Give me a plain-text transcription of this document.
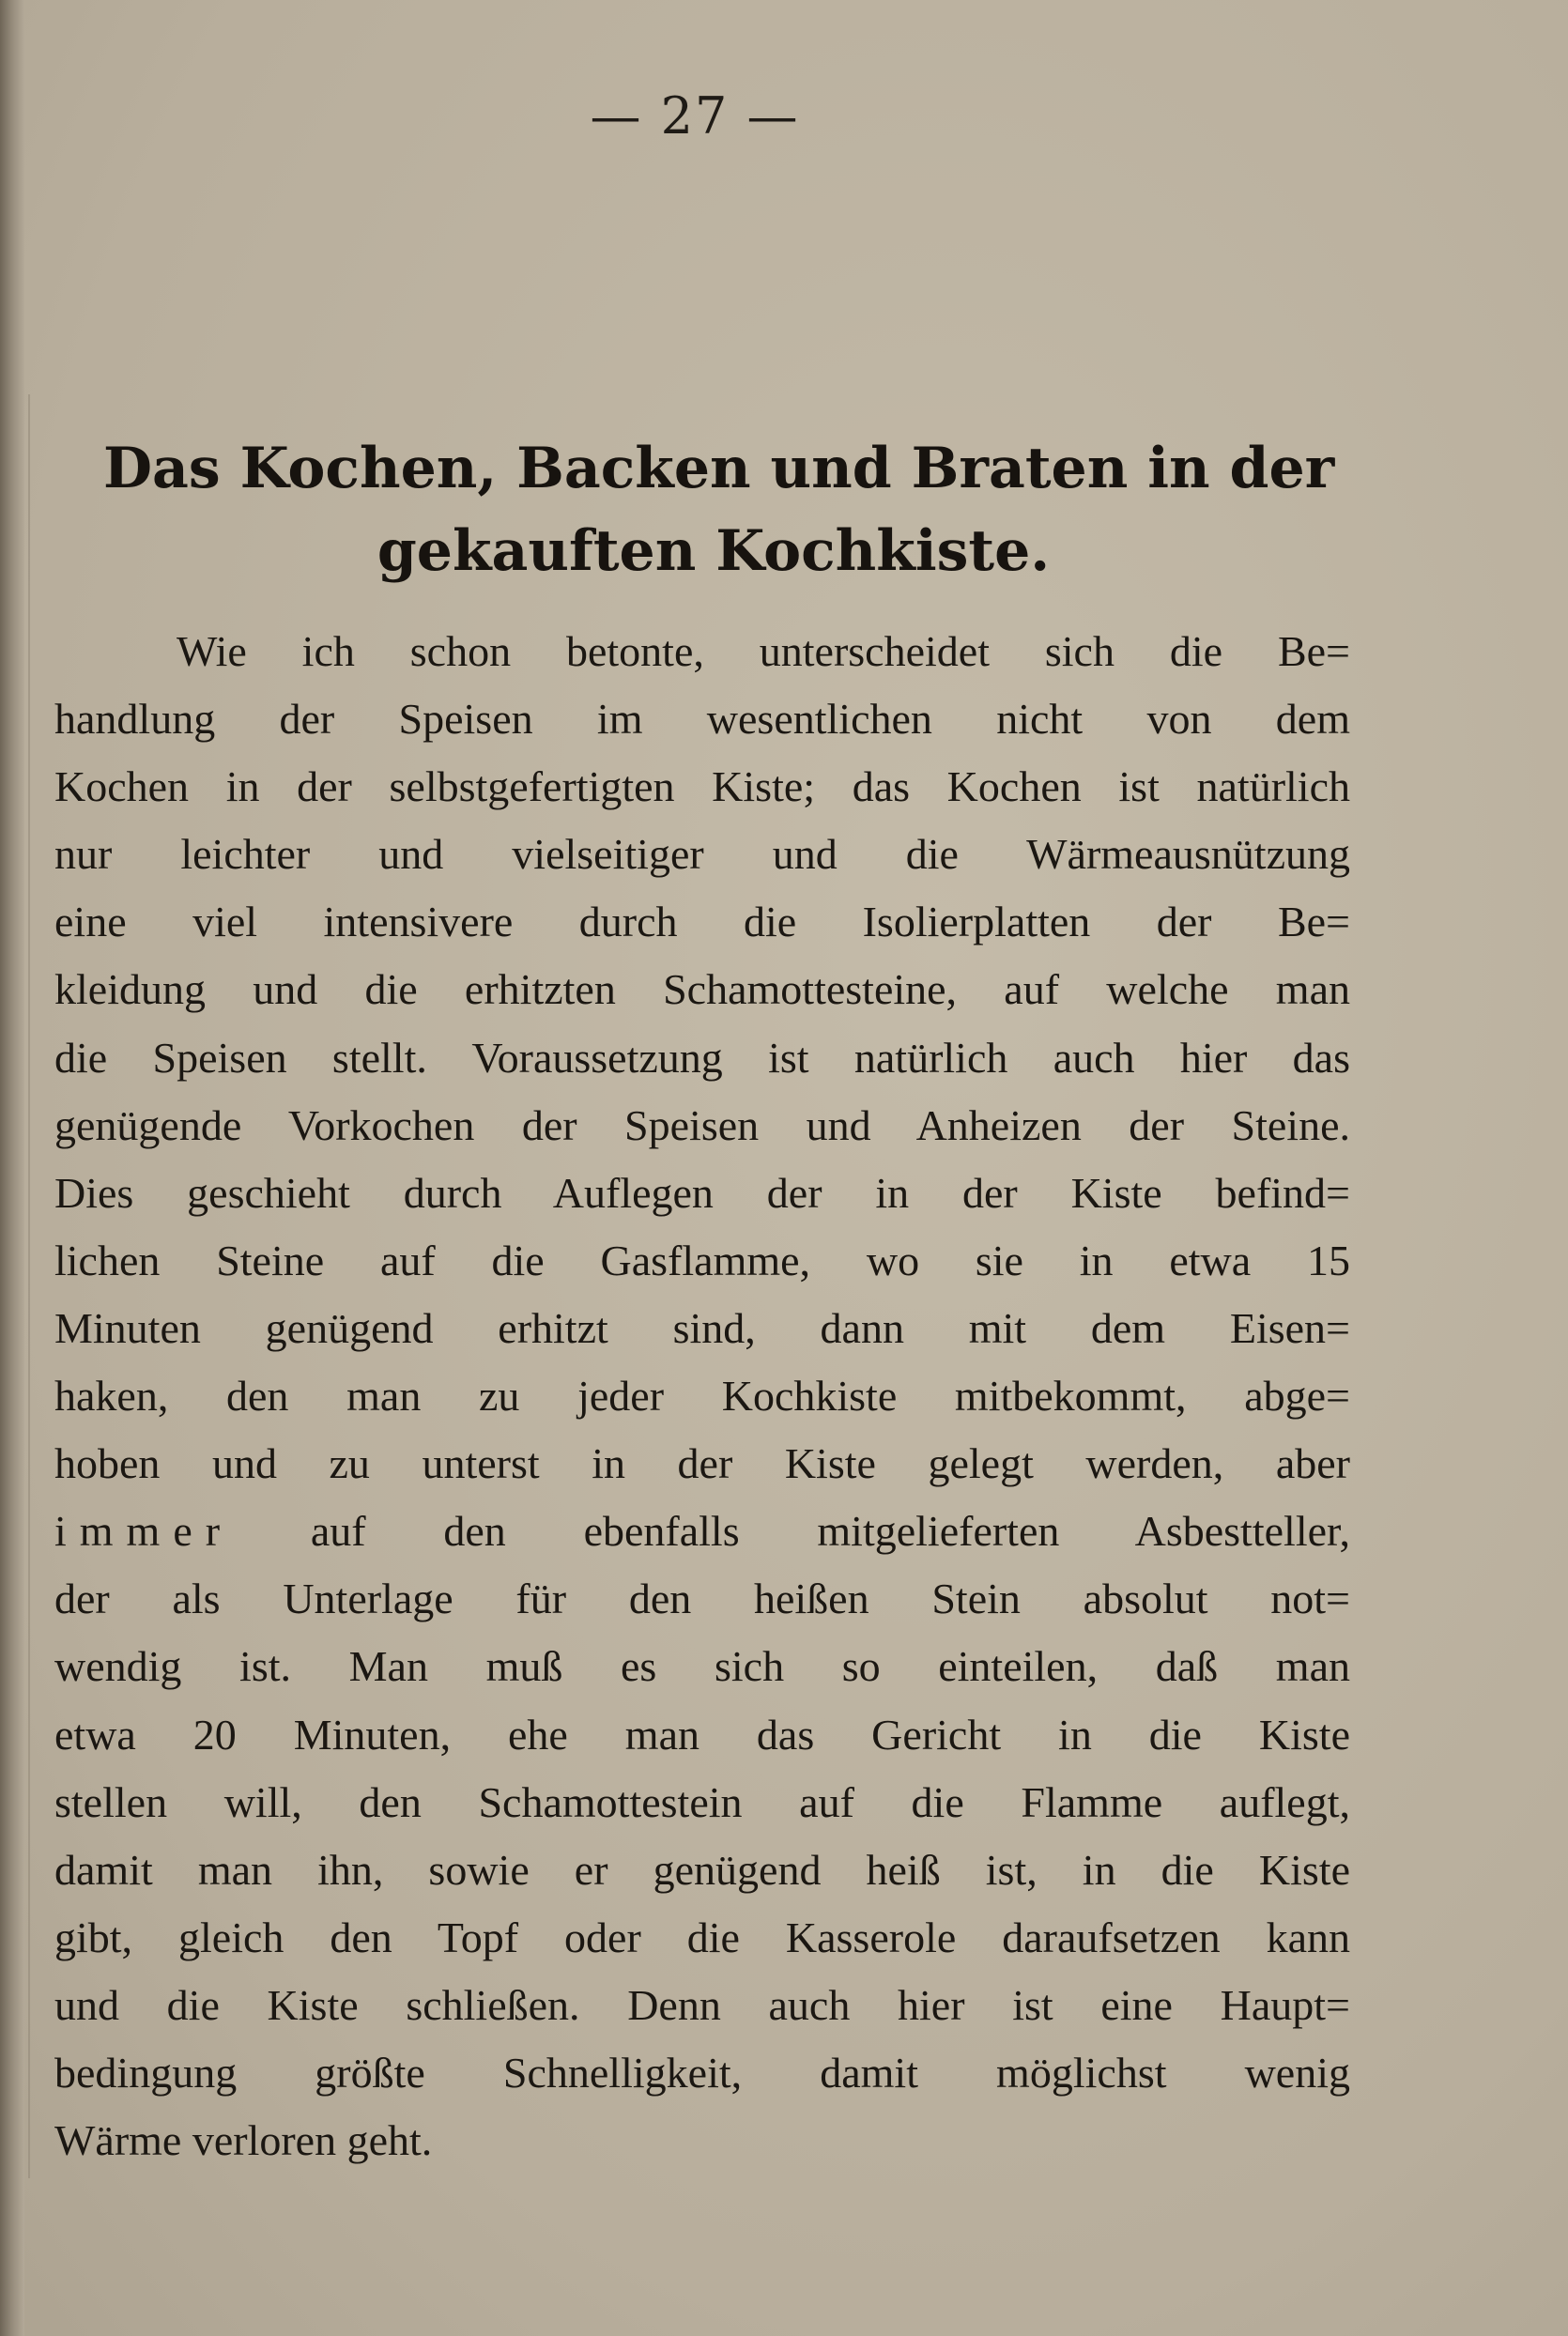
— 27 —
Das Kochen, Backen und Braten in der
gekauften Kochkiste.
Wie ich schon betonte, unterscheidet sich die Be=
handlung der Speisen im wesentlichen nicht von dem
Kochen in der selbstgefertigten Kiste; das Kochen ist natürlich
nur leichter und vielseitiger und die Wärmeausnützung
eine viel intensivere durch die Isolierplatten der Be=
kleidung und die erhitzten Schamottesteine, auf welche man
die Speisen stellt. Voraussetzung ist natürlich auch hier das
genügende Vorkochen der Speisen und Anheizen der Steine.
Dies geschieht durch Auflegen der in der Kiste befind=
lichen Steine auf die Gasflamme, wo sie in etwa 15
Minuten genügend erhitzt sind, dann mit dem Eisen=
haken, den man zu jeder Kochkiste mitbekommt, abge=
hoben und zu unterst in der Kiste gelegt werden, aber
immer auf den ebenfalls mitgelieferten Asbestteller,
der als Unterlage für den heißen Stein absolut not=
wendig ist. Man muß es sich so einteilen, daß man
etwa 20 Minuten, ehe man das Gericht in die Kiste
stellen will, den Schamottestein auf die Flamme auflegt,
damit man ihn, sowie er genügend heiß ist, in die Kiste
gibt, gleich den Topf oder die Kasserole daraufsetzen kann
und die Kiste schließen. Denn auch hier ist eine Haupt=
bedingung größte Schnelligkeit, damit möglichst wenig
Wärme verloren geht.
